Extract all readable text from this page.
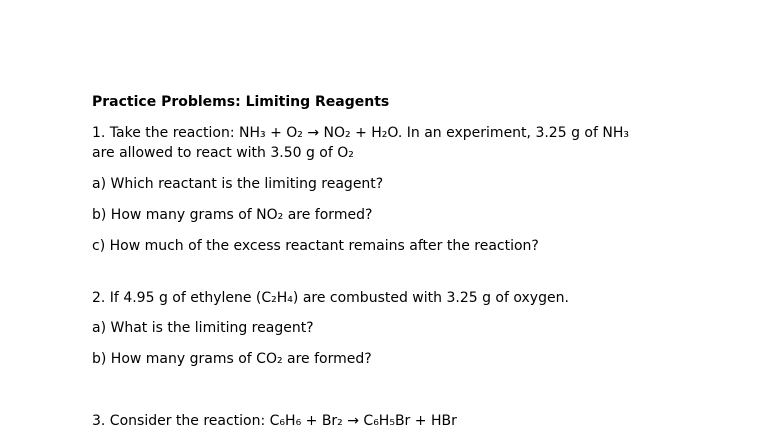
Practice Problems: Limiting Reagents
1. Take the reaction: NH₃ + O₂ → NO₂ + H₂O. In an experiment, 3.25 g of NH₃
are allowed to react with 3.50 g of O₂
a) Which reactant is the limiting reagent?
b) How many grams of NO₂ are formed?
c) How much of the excess reactant remains after the reaction?
2. If 4.95 g of ethylene (C₂H₄) are combusted with 3.25 g of oxygen.
a) What is the limiting reagent?
b) How many grams of CO₂ are formed?
3. Consider the reaction: C₆H₆ + Br₂ → C₆H₅Br + HBr
